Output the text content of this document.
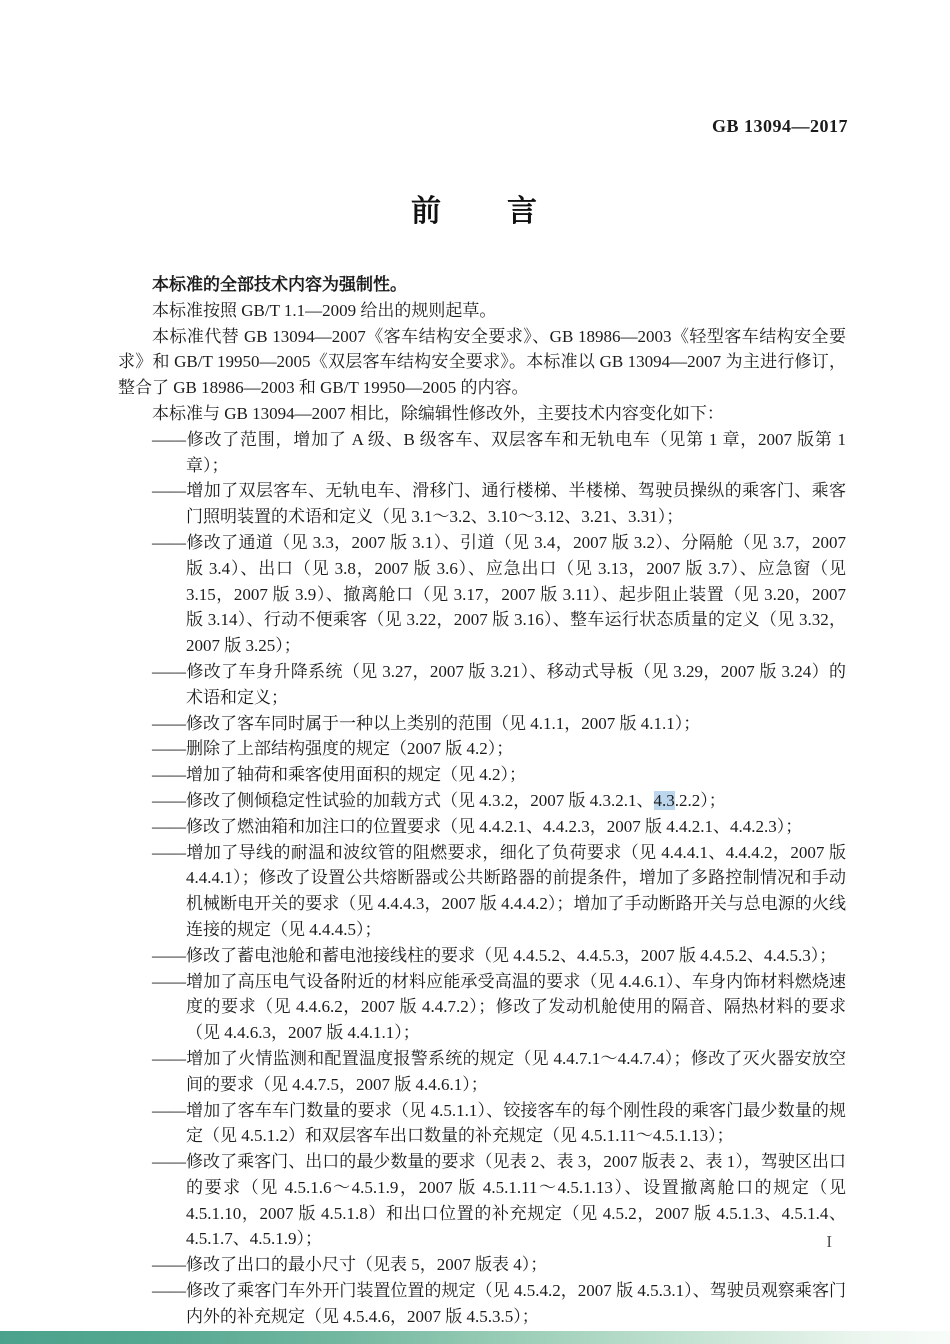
GB 13094—2017
前　　言

本标准的全部技术内容为强制性。

本标准按照 GB/T 1.1—2009 给出的规则起草。

本标准代替 GB 13094—2007《客车结构安全要求》、GB 18986—2003《轻型客车结构安全要求》和 GB/T 19950—2005《双层客车结构安全要求》。本标准以 GB 13094—2007 为主进行修订，整合了 GB 18986—2003 和 GB/T 19950—2005 的内容。

本标准与 GB 13094—2007 相比，除编辑性修改外，主要技术内容变化如下：

——修改了范围，增加了 A 级、B 级客车、双层客车和无轨电车（见第 1 章，2007 版第 1 章）；
——增加了双层客车、无轨电车、滑移门、通行楼梯、半楼梯、驾驶员操纵的乘客门、乘客门照明装置的术语和定义（见 3.1～3.2、3.10～3.12、3.21、3.31）；
——修改了通道（见 3.3，2007 版 3.1）、引道（见 3.4，2007 版 3.2）、分隔舱（见 3.7，2007 版 3.4）、出口（见 3.8，2007 版 3.6）、应急出口（见 3.13，2007 版 3.7）、应急窗（见 3.15，2007 版 3.9）、撤离舱口（见 3.17，2007 版 3.11）、起步阻止装置（见 3.20，2007 版 3.14）、行动不便乘客（见 3.22，2007 版 3.16）、整车运行状态质量的定义（见 3.32，2007 版 3.25）；
——修改了车身升降系统（见 3.27，2007 版 3.21）、移动式导板（见 3.29，2007 版 3.24）的术语和定义；
——修改了客车同时属于一种以上类别的范围（见 4.1.1，2007 版 4.1.1）；
——删除了上部结构强度的规定（2007 版 4.2）；
——增加了轴荷和乘客使用面积的规定（见 4.2）；
——修改了侧倾稳定性试验的加载方式（见 4.3.2，2007 版 4.3.2.1、4.3.2.2）；
——修改了燃油箱和加注口的位置要求（见 4.4.2.1、4.4.2.3，2007 版 4.4.2.1、4.4.2.3）；
——增加了导线的耐温和波纹管的阻燃要求，细化了负荷要求（见 4.4.4.1、4.4.4.2，2007 版 4.4.4.1）；修改了设置公共熔断器或公共断路器的前提条件，增加了多路控制情况和手动机械断电开关的要求（见 4.4.4.3，2007 版 4.4.4.2）；增加了手动断路开关与总电源的火线连接的规定（见 4.4.4.5）；
——修改了蓄电池舱和蓄电池接线柱的要求（见 4.4.5.2、4.4.5.3，2007 版 4.4.5.2、4.4.5.3）；
——增加了高压电气设备附近的材料应能承受高温的要求（见 4.4.6.1）、车身内饰材料燃烧速度的要求（见 4.4.6.2，2007 版 4.4.7.2）；修改了发动机舱使用的隔音、隔热材料的要求（见 4.4.6.3，2007 版 4.4.1.1）；
——增加了火情监测和配置温度报警系统的规定（见 4.4.7.1～4.4.7.4）；修改了灭火器安放空间的要求（见 4.4.7.5，2007 版 4.4.6.1）；
——增加了客车车门数量的要求（见 4.5.1.1）、铰接客车的每个刚性段的乘客门最少数量的规定（见 4.5.1.2）和双层客车出口数量的补充规定（见 4.5.1.11～4.5.1.13）；
——修改了乘客门、出口的最少数量的要求（见表 2、表 3，2007 版表 2、表 1），驾驶区出口的要求（见 4.5.1.6～4.5.1.9，2007 版 4.5.1.11～4.5.1.13）、设置撤离舱口的规定（见 4.5.1.10，2007 版 4.5.1.8）和出口位置的补充规定（见 4.5.2，2007 版 4.5.1.3、4.5.1.4、4.5.1.7、4.5.1.9）；
——修改了出口的最小尺寸（见表 5，2007 版表 4）；
——修改了乘客门车外开门装置位置的规定（见 4.5.4.2，2007 版 4.5.3.1）、驾驶员观察乘客门内外的补充规定（见 4.5.4.6，2007 版 4.5.3.5）；
I
